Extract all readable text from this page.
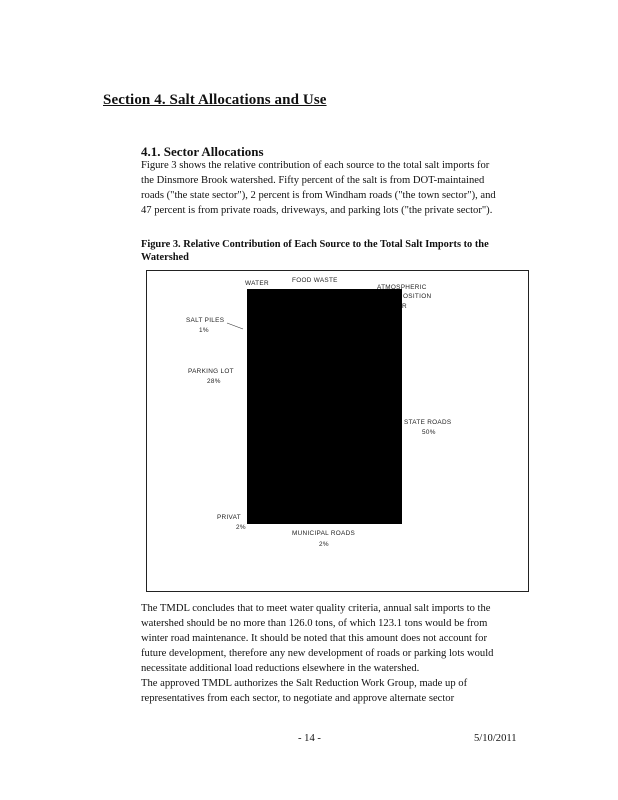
Section 4. Salt Allocations and Use
4.1. Sector Allocations
Figure 3 shows the relative contribution of each source to the total salt imports for
the Dinsmore Brook watershed. Fifty percent of the salt is from DOT-maintained
roads ("the state sector"), 2 percent is from Windham roads ("the town sector"), and
47 percent is from private roads, driveways, and parking lots ("the private sector").
Figure 3. Relative Contribution of Each Source to the Total Salt Imports to the
Watershed
WATER	FOOD WASTE
ATMOSPHERIC
OSITION
R
SALT PILES
1%
PARKING LOT
28%
STATE ROADS
50%
PRIVAT
2%
MUNICIPAL ROADS
2%
The TMDL concludes that to meet water quality criteria, annual salt imports to the
watershed should be no more than 126.0 tons, of which 123.1 tons would be from
winter road maintenance. It should be noted that this amount does not account for
future development, therefore any new development of roads or parking lots would
necessitate additional load reductions elsewhere in the watershed.
The approved TMDL authorizes the Salt Reduction Work Group, made up of
representatives from each sector, to negotiate and approve alternate sector
- 14 -	5/10/2011
